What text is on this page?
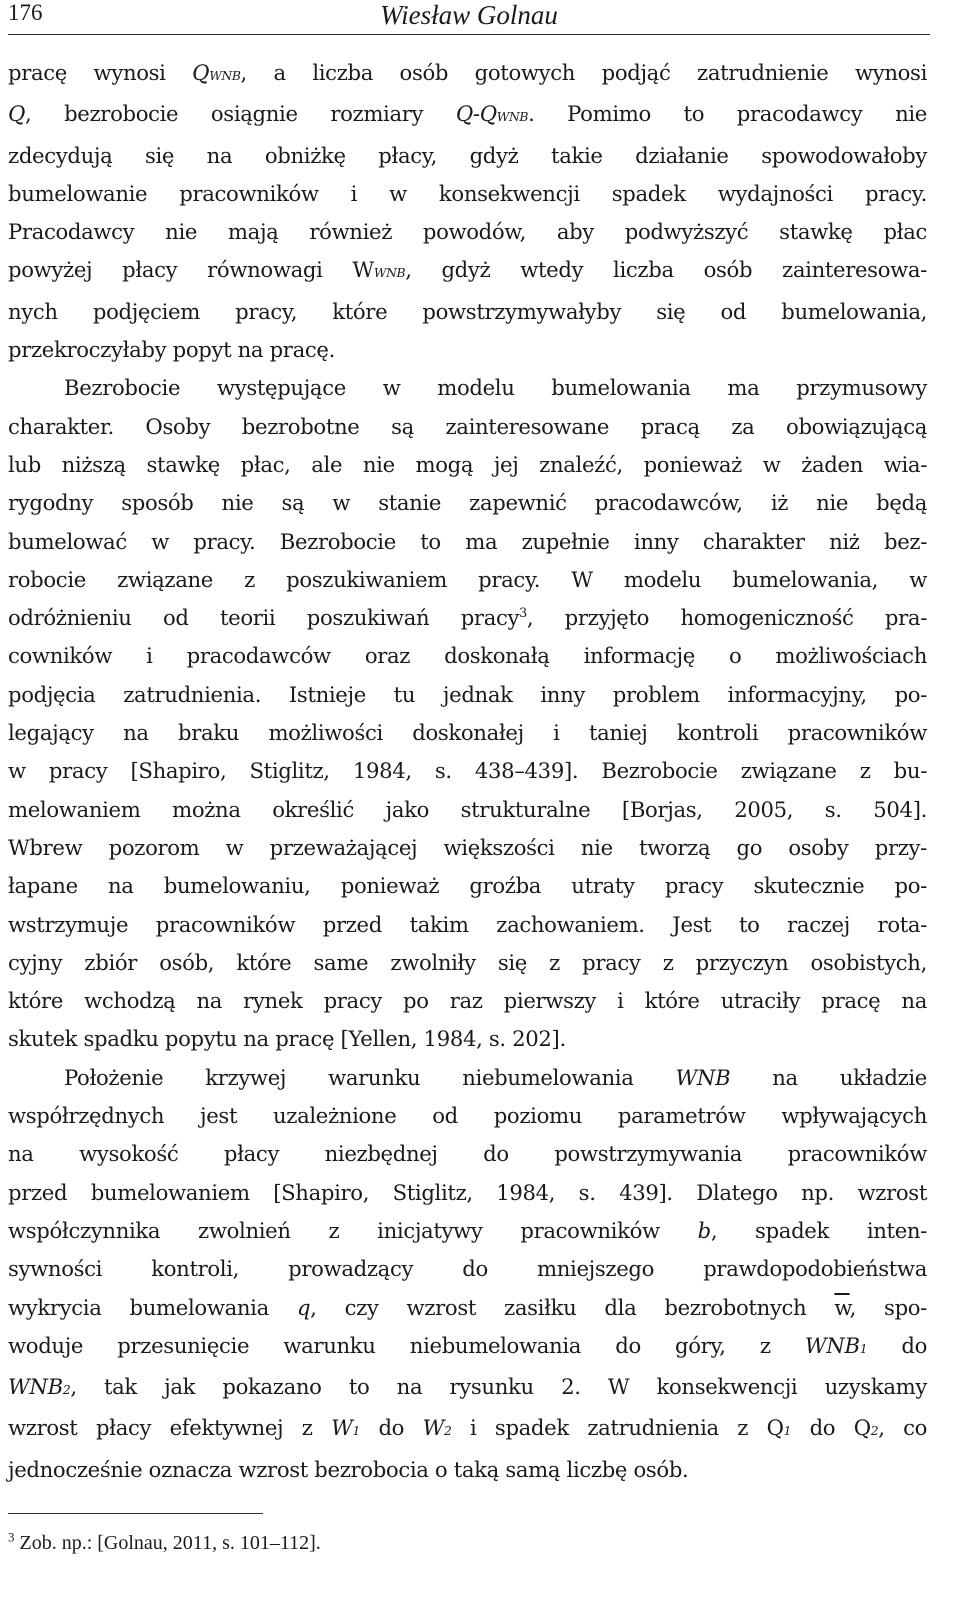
176	Wiesław Golnau

pracę wynosi QWNB, a liczba osób gotowych podjąć zatrudnienie wynosi
Q, bezrobocie osiągnie rozmiary Q-QWNB. Pomimo to pracodawcy nie
zdecydują się na obniżkę płacy, gdyż takie działanie spowodowałoby
bumelowanie pracowników i w konsekwencji spadek wydajności pracy.
Pracodawcy nie mają również powodów, aby podwyższyć stawkę płac
powyżej płacy równowagi WWNB, gdyż wtedy liczba osób zainteresowa-
nych podjęciem pracy, które powstrzymywałyby się od bumelowania,
przekroczyłaby popyt na pracę.

Bezrobocie występujące w modelu bumelowania ma przymusowy
charakter. Osoby bezrobotne są zainteresowane pracą za obowiązującą
lub niższą stawkę płac, ale nie mogą jej znaleźć, ponieważ w żaden wia-
rygodny sposób nie są w stanie zapewnić pracodawców, iż nie będą
bumelować w pracy. Bezrobocie to ma zupełnie inny charakter niż bez-
robocie związane z poszukiwaniem pracy. W modelu bumelowania, w
odróżnieniu od teorii poszukiwań pracy$^3$, przyjęto homogeniczność pra-
cowników i pracodawców oraz doskonałą informację o możliwościach
podjęcia zatrudnienia. Istnieje tu jednak inny problem informacyjny, po-
legający na braku możliwości doskonałej i taniej kontroli pracowników
w pracy [Shapiro, Stiglitz, 1984, s. 438–439]. Bezrobocie związane z bu-
melowaniem można określić jako strukturalne [Borjas, 2005, s. 504].
Wbrew pozorom w przeważającej większości nie tworzą go osoby przy-
łapane na bumelowaniu, ponieważ groźba utraty pracy skutecznie po-
wstrzymuje pracowników przed takim zachowaniem. Jest to raczej rota-
cyjny zbiór osób, które same zwolniły się z pracy z przyczyn osobistych,
które wchodzą na rynek pracy po raz pierwszy i które utraciły pracę na
skutek spadku popytu na pracę [Yellen, 1984, s. 202].

Położenie krzywej warunku niebumelowania WNB na układzie
współrzędnych jest uzależnione od poziomu parametrów wpływających
na wysokość płacy niezbędnej do powstrzymywania pracowników
przed bumelowaniem [Shapiro, Stiglitz, 1984, s. 439]. Dlatego np. wzrost
współczynnika zwolnień z inicjatywy pracowników b, spadek inten-
sywności kontroli, prowadzący do mniejszego prawdopodobieństwa
wykrycia bumelowania q, czy wzrost zasiłku dla bezrobotnych $\overline{w}$, spo-
woduje przesunięcie warunku niebumelowania do góry, z WNB1 do
WNB2, tak jak pokazano to na rysunku 2. W konsekwencji uzyskamy
wzrost płacy efektywnej z W1 do W2 i spadek zatrudnienia z Q1 do Q2, co
jednocześnie oznacza wzrost bezrobocia o taką samą liczbę osób.

$^3$ Zob. np.: [Golnau, 2011, s. 101–112].
